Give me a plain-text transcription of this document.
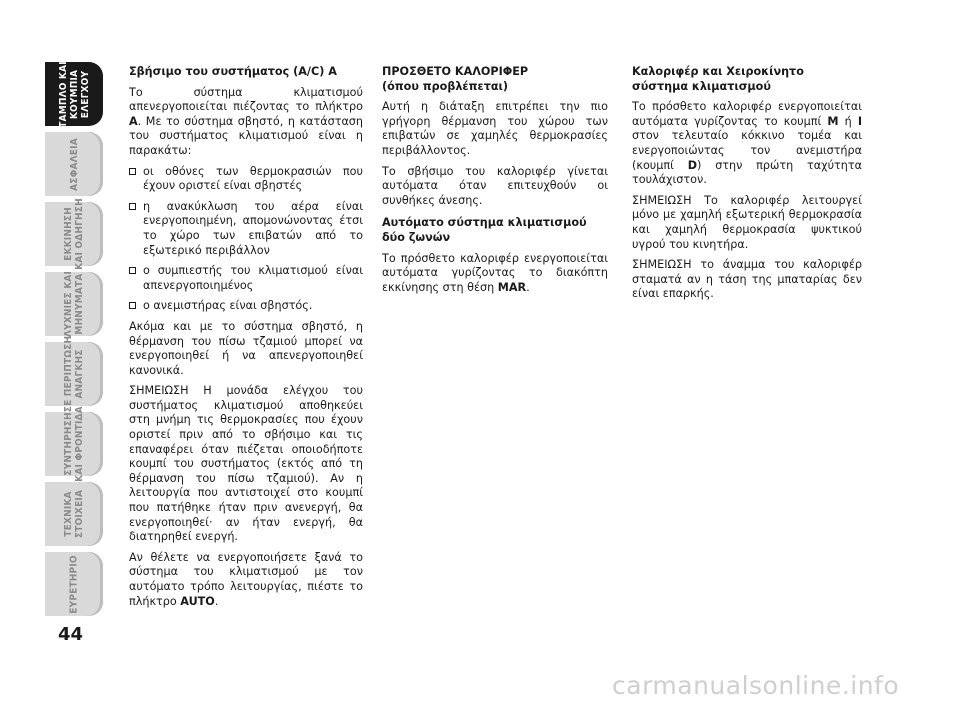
ΤΑΜΠΛΟ ΚΑΙ ΚΟΥΜΠΙΑ ΕΛΕΓΧΟΥ
ΑΣΦΑΛΕΙΑ
ΕΚΚΙΝΗΣΗ ΚΑΙ ΟΔΗΓΗΣΗ
ΛΥΧΝΙΕΣ ΚΑΙ ΜΗΝΥΜΑΤΑ
ΣΕ ΠΕΡΙΠΤΩΣΗ ΑΝΑΓΚΗΣ
ΣΥΝΤΗΡΗΣΗ ΚΑΙ ΦΡΟΝΤΙΔΑ
ΤΕΧΝΙΚΑ ΣΤΟΙΧΕΙΑ
ΕΥΡΕΤΗΡΙΟ
44
Σβήσιμο του συστήματος (A/C) A

Το σύστημα κλιματισμού απενεργοποιείται πιέζοντας το πλήκτρο A. Με το σύστημα σβηστό, η κατάσταση του συστήματος κλιματισμού είναι η παρακάτω:

οι οθόνες των θερμοκρασιών που έχουν οριστεί είναι σβηστές
η ανακύκλωση του αέρα είναι ενεργοποιημένη, απομονώνοντας έτσι το χώρο των επιβατών από το εξωτερικό περιβάλλον
ο συμπιεστής του κλιματισμού είναι απενεργοποιημένος
ο ανεμιστήρας είναι σβηστός.

Ακόμα και με το σύστημα σβηστό, η θέρμανση του πίσω τζαμιού μπορεί να ενεργοποιηθεί ή να απενεργοποιηθεί κανονικά.

ΣΗΜΕΙΩΣΗ Η μονάδα ελέγχου του συστήματος κλιματισμού αποθηκεύει στη μνήμη τις θερμοκρασίες που έχουν οριστεί πριν από το σβήσιμο και τις επαναφέρει όταν πιέζεται οποιοδήποτε κουμπί του συστήματος (εκτός από τη θέρμανση του πίσω τζαμιού). Αν η λειτουργία που αντιστοιχεί στο κουμπί που πατήθηκε ήταν πριν ανενεργή, θα ενεργοποιηθεί· αν ήταν ενεργή, θα διατηρηθεί ενεργή.

Αν θέλετε να ενεργοποιήσετε ξανά το σύστημα του κλιματισμού με τον αυτόματο τρόπο λειτουργίας, πιέστε το πλήκτρο AUTO.

ΠΡΟΣΘΕΤΟ ΚΑΛΟΡΙΦΕΡ
(όπου προβλέπεται)

Αυτή η διάταξη επιτρέπει την πιο γρήγορη θέρμανση του χώρου των επιβατών σε χαμηλές θερμοκρασίες περιβάλλοντος.

Το σβήσιμο του καλοριφέρ γίνεται αυτόματα όταν επιτευχθούν οι συνθήκες άνεσης.

Αυτόματο σύστημα κλιματισμού δύο ζωνών

Το πρόσθετο καλοριφέρ ενεργοποιείται αυτόματα γυρίζοντας το διακόπτη εκκίνησης στη θέση MAR.

Καλοριφέρ και Χειροκίνητο σύστημα κλιματισμού

Το πρόσθετο καλοριφέρ ενεργοποιείται αυτόματα γυρίζοντας το κουμπί M ή I στον τελευταίο κόκκινο τομέα και ενεργοποιώντας τον ανεμιστήρα (κουμπί D) στην πρώτη ταχύτητα τουλάχιστον.

ΣΗΜΕΙΩΣΗ Το καλοριφέρ λειτουργεί μόνο με χαμηλή εξωτερική θερμοκρασία και χαμηλή θερμοκρασία ψυκτικού υγρού του κινητήρα.

ΣΗΜΕΙΩΣΗ το άναμμα του καλοριφέρ σταματά αν η τάση της μπαταρίας δεν είναι επαρκής.

carmanualsonline.info
